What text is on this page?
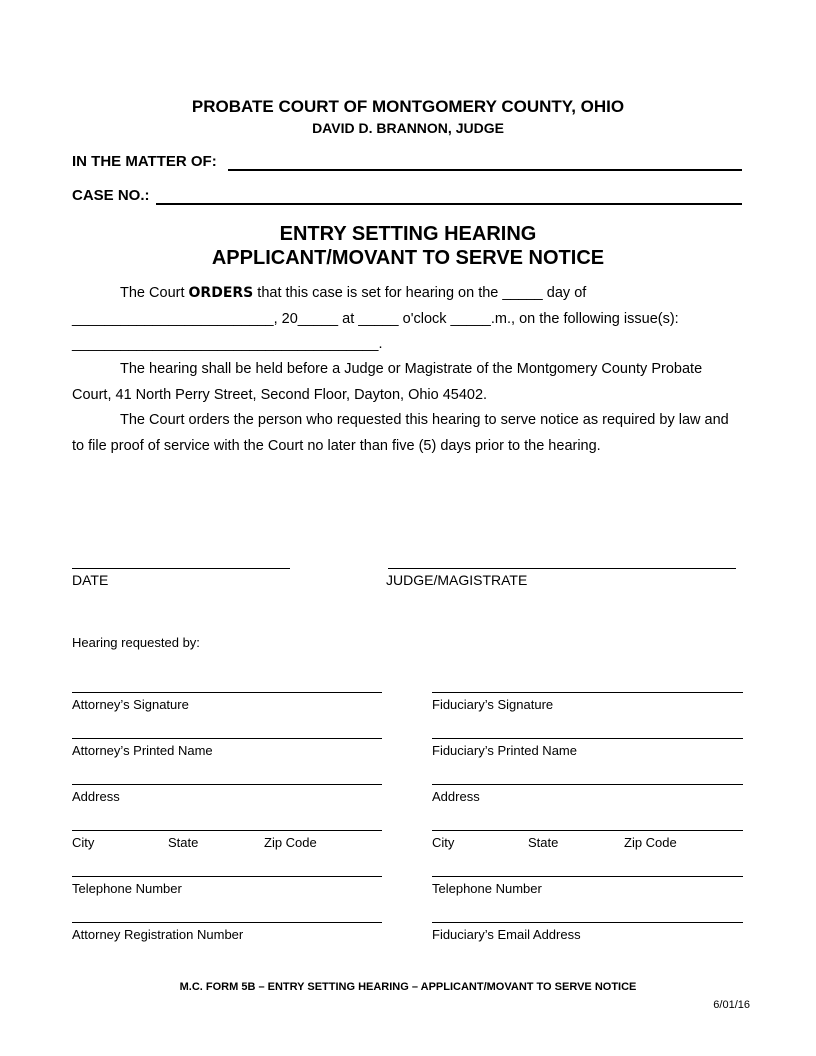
PROBATE COURT OF MONTGOMERY COUNTY, OHIO
DAVID D. BRANNON, JUDGE
IN THE MATTER OF:
CASE NO.:
ENTRY SETTING HEARING
APPLICANT/MOVANT TO SERVE NOTICE
The Court ORDERS that this case is set for hearing on the _____ day of
_________________________, 20_____ at _____ o'clock _____.m., on the following issue(s):
______________________________________.
The hearing shall be held before a Judge or Magistrate of the Montgomery County Probate
Court, 41 North Perry Street, Second Floor, Dayton, Ohio 45402.
The Court orders the person who requested this hearing to serve notice as required by law and
to file proof of service with the Court no later than five (5) days prior to the hearing.
DATE	JUDGE/MAGISTRATE
Hearing requested by:
Attorney’s Signature
Attorney’s Printed Name
Address
City	State	Zip Code
Telephone Number
Attorney Registration Number
Fiduciary’s Signature
Fiduciary’s Printed Name
Address
City	State	Zip Code
Telephone Number
Fiduciary’s Email Address
M.C. FORM 5B – ENTRY SETTING HEARING – APPLICANT/MOVANT TO SERVE NOTICE
6/01/16
